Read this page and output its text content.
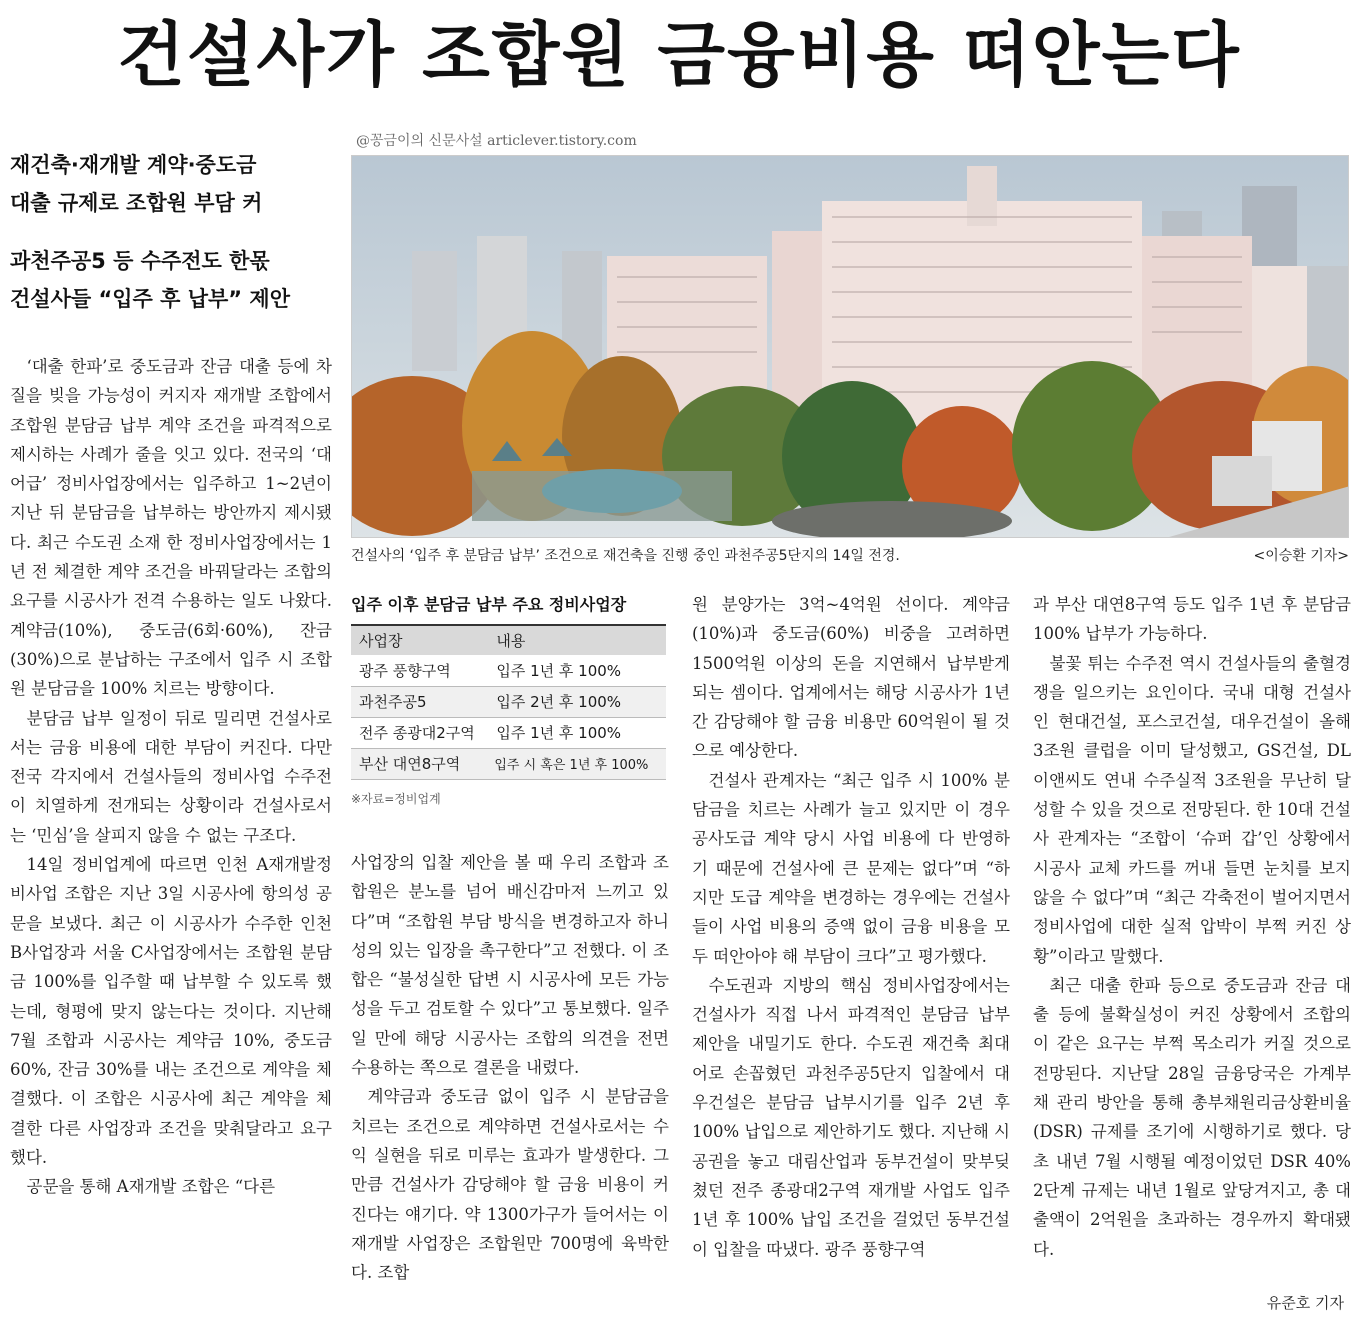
건설사가 조합원 금융비용 떠안는다
재건축·재개발 계약·중도금
대출 규제로 조합원 부담 커
과천주공5 등 수주전도 한몫
건설사들 “입주 후 납부” 제안
@꽁금이의 신문사설 articlever.tistory.com
건설사의 ‘입주 후 분담금 납부’ 조건으로 재건축을 진행 중인 과천주공5단지의 14일 전경.	<이승환 기자>
입주 이후 분담금 납부 주요 정비사업장
사업장	내용
광주 풍향구역	입주 1년 후 100%
과천주공5	입주 2년 후 100%
전주 종광대2구역	입주 1년 후 100%
부산 대연8구역	입주 시 혹은 1년 후 100%
※자료=정비업계

‘대출 한파’로 중도금과 잔금 대출 등에 차질을 빚을 가능성이 커지자 재개발 조합에서 조합원 분담금 납부 계약 조건을 파격적으로 제시하는 사례가 줄을 잇고 있다. 전국의 ‘대어급’ 정비사업장에서는 입주하고 1~2년이 지난 뒤 분담금을 납부하는 방안까지 제시됐다. 최근 수도권 소재 한 정비사업장에서는 1년 전 체결한 계약 조건을 바꿔달라는 조합의 요구를 시공사가 전격 수용하는 일도 나왔다. 계약금(10%), 중도금(6회·60%), 잔금(30%)으로 분납하는 구조에서 입주 시 조합원 분담금을 100% 치르는 방향이다.

분담금 납부 일정이 뒤로 밀리면 건설사로서는 금융 비용에 대한 부담이 커진다. 다만 전국 각지에서 건설사들의 정비사업 수주전이 치열하게 전개되는 상황이라 건설사로서는 ‘민심’을 살피지 않을 수 없는 구조다.

14일 정비업계에 따르면 인천 A재개발정비사업 조합은 지난 3일 시공사에 항의성 공문을 보냈다. 최근 이 시공사가 수주한 인천 B사업장과 서울 C사업장에서는 조합원 분담금 100%를 입주할 때 납부할 수 있도록 했는데, 형평에 맞지 않는다는 것이다. 지난해 7월 조합과 시공사는 계약금 10%, 중도금 60%, 잔금 30%를 내는 조건으로 계약을 체결했다. 이 조합은 시공사에 최근 계약을 체결한 다른 사업장과 조건을 맞춰달라고 요구했다.

공문을 통해 A재개발 조합은 “다른

사업장의 입찰 제안을 볼 때 우리 조합과 조합원은 분노를 넘어 배신감마저 느끼고 있다”며 “조합원 부담 방식을 변경하고자 하니 성의 있는 입장을 촉구한다”고 전했다. 이 조합은 “불성실한 답변 시 시공사에 모든 가능성을 두고 검토할 수 있다”고 통보했다. 일주일 만에 해당 시공사는 조합의 의견을 전면 수용하는 쪽으로 결론을 내렸다.

계약금과 중도금 없이 입주 시 분담금을 치르는 조건으로 계약하면 건설사로서는 수익 실현을 뒤로 미루는 효과가 발생한다. 그만큼 건설사가 감당해야 할 금융 비용이 커진다는 얘기다. 약 1300가구가 들어서는 이 재개발 사업장은 조합원만 700명에 육박한다. 조합

원 분양가는 3억~4억원 선이다. 계약금(10%)과 중도금(60%) 비중을 고려하면 1500억원 이상의 돈을 지연해서 납부받게 되는 셈이다. 업계에서는 해당 시공사가 1년간 감당해야 할 금융 비용만 60억원이 될 것으로 예상한다.

건설사 관계자는 “최근 입주 시 100% 분담금을 치르는 사례가 늘고 있지만 이 경우 공사도급 계약 당시 사업 비용에 다 반영하기 때문에 건설사에 큰 문제는 없다”며 “하지만 도급 계약을 변경하는 경우에는 건설사들이 사업 비용의 증액 없이 금융 비용을 모두 떠안아야 해 부담이 크다”고 평가했다.

수도권과 지방의 핵심 정비사업장에서는 건설사가 직접 나서 파격적인 분담금 납부 제안을 내밀기도 한다. 수도권 재건축 최대어로 손꼽혔던 과천주공5단지 입찰에서 대우건설은 분담금 납부시기를 입주 2년 후 100% 납입으로 제안하기도 했다. 지난해 시공권을 놓고 대림산업과 동부건설이 맞부딪쳤던 전주 종광대2구역 재개발 사업도 입주 1년 후 100% 납입 조건을 걸었던 동부건설이 입찰을 따냈다. 광주 풍향구역

과 부산 대연8구역 등도 입주 1년 후 분담금 100% 납부가 가능하다.

불꽃 튀는 수주전 역시 건설사들의 출혈경쟁을 일으키는 요인이다. 국내 대형 건설사인 현대건설, 포스코건설, 대우건설이 올해 3조원 클럽을 이미 달성했고, GS건설, DL이앤씨도 연내 수주실적 3조원을 무난히 달성할 수 있을 것으로 전망된다. 한 10대 건설사 관계자는 “조합이 ‘슈퍼 갑’인 상황에서 시공사 교체 카드를 꺼내 들면 눈치를 보지 않을 수 없다”며 “최근 각축전이 벌어지면서 정비사업에 대한 실적 압박이 부쩍 커진 상황”이라고 말했다.

최근 대출 한파 등으로 중도금과 잔금 대출 등에 불확실성이 커진 상황에서 조합의 이 같은 요구는 부쩍 목소리가 커질 것으로 전망된다. 지난달 28일 금융당국은 가계부채 관리 방안을 통해 총부채원리금상환비율(DSR) 규제를 조기에 시행하기로 했다. 당초 내년 7월 시행될 예정이었던 DSR 40% 2단계 규제는 내년 1월로 앞당겨지고, 총 대출액이 2억원을 초과하는 경우까지 확대됐다.

유준호 기자
